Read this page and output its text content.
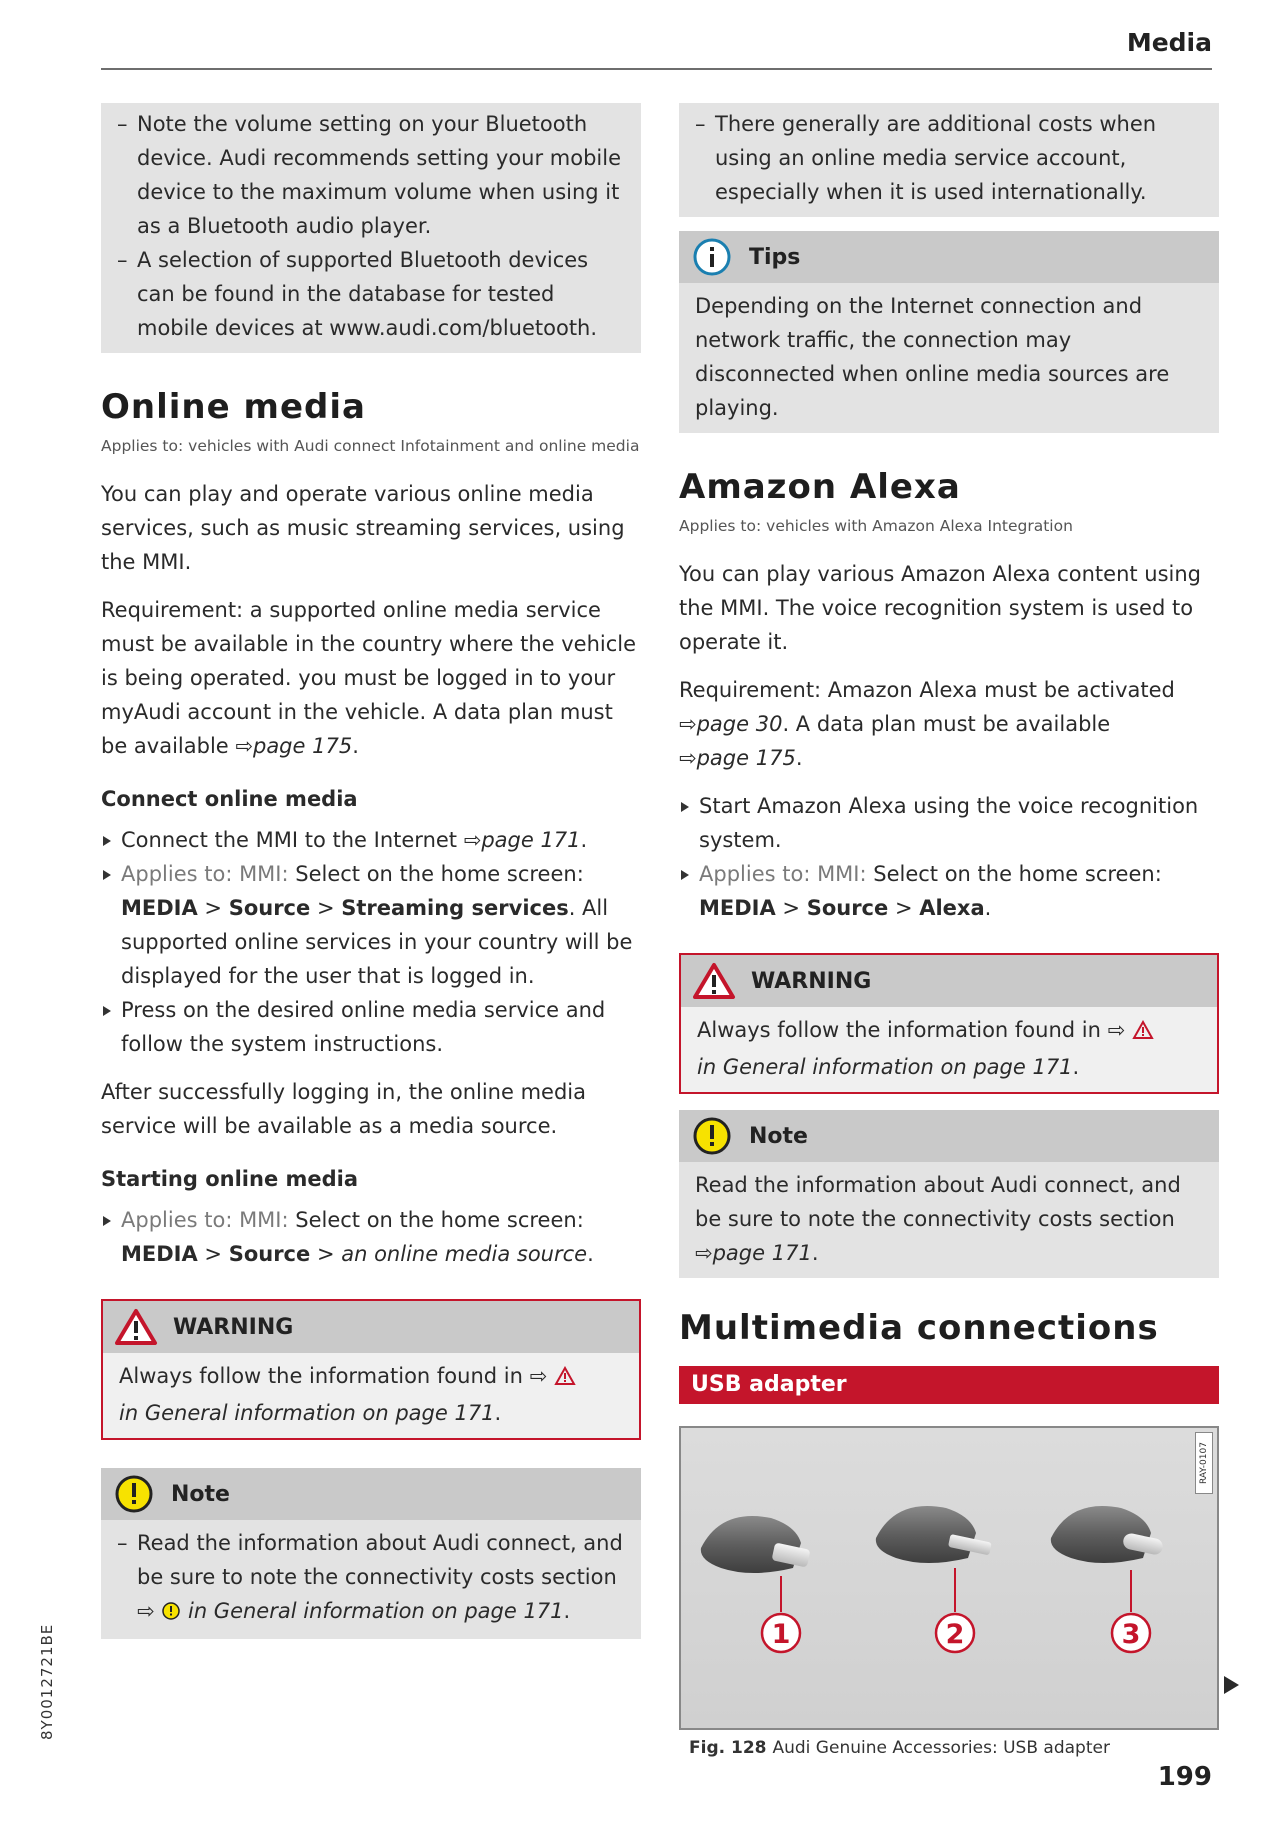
Media
– Note the volume setting on your Bluetooth device. Audi recommends setting your mobile device to the maximum volume when using it as a Bluetooth audio player.
– A selection of supported Bluetooth devices can be found in the database for tested mobile devices at www.audi.com/bluetooth.
Online media
Applies to: vehicles with Audi connect Infotainment and online media
You can play and operate various online media services, such as music streaming services, using the MMI.
Requirement: a supported online media service must be available in the country where the vehicle is being operated. you must be logged in to your myAudi account in the vehicle. A data plan must be available ⇨page 175.
Connect online media
Connect the MMI to the Internet ⇨page 171.
Applies to: MMI: Select on the home screen: MEDIA > Source > Streaming services. All supported online services in your country will be displayed for the user that is logged in.
Press on the desired online media service and follow the system instructions.
After successfully logging in, the online media service will be available as a media source.
Starting online media
Applies to: MMI: Select on the home screen:
MEDIA > Source > an online media source.
WARNING
Always follow the information found in ⇨
in General information on page 171.
Note
– Read the information about Audi connect, and be sure to note the connectivity costs section ⇨ in General information on page 171.
– There generally are additional costs when using an online media service account, especially when it is used internationally.
Tips
Depending on the Internet connection and network traffic, the connection may disconnected when online media sources are playing.
Amazon Alexa
Applies to: vehicles with Amazon Alexa Integration
You can play various Amazon Alexa content using the MMI. The voice recognition system is used to operate it.
Requirement: Amazon Alexa must be activated
⇨page 30. A data plan must be available
⇨page 175.
Start Amazon Alexa using the voice recognition system.
Applies to: MMI: Select on the home screen:
MEDIA > Source > Alexa.
WARNING
Always follow the information found in ⇨
in General information on page 171.
Note
Read the information about Audi connect, and be sure to note the connectivity costs section ⇨page 171.
Multimedia connections
USB adapter
RAY-0107
1	2	3
Fig. 128 Audi Genuine Accessories: USB adapter
8Y0012721BE
199
